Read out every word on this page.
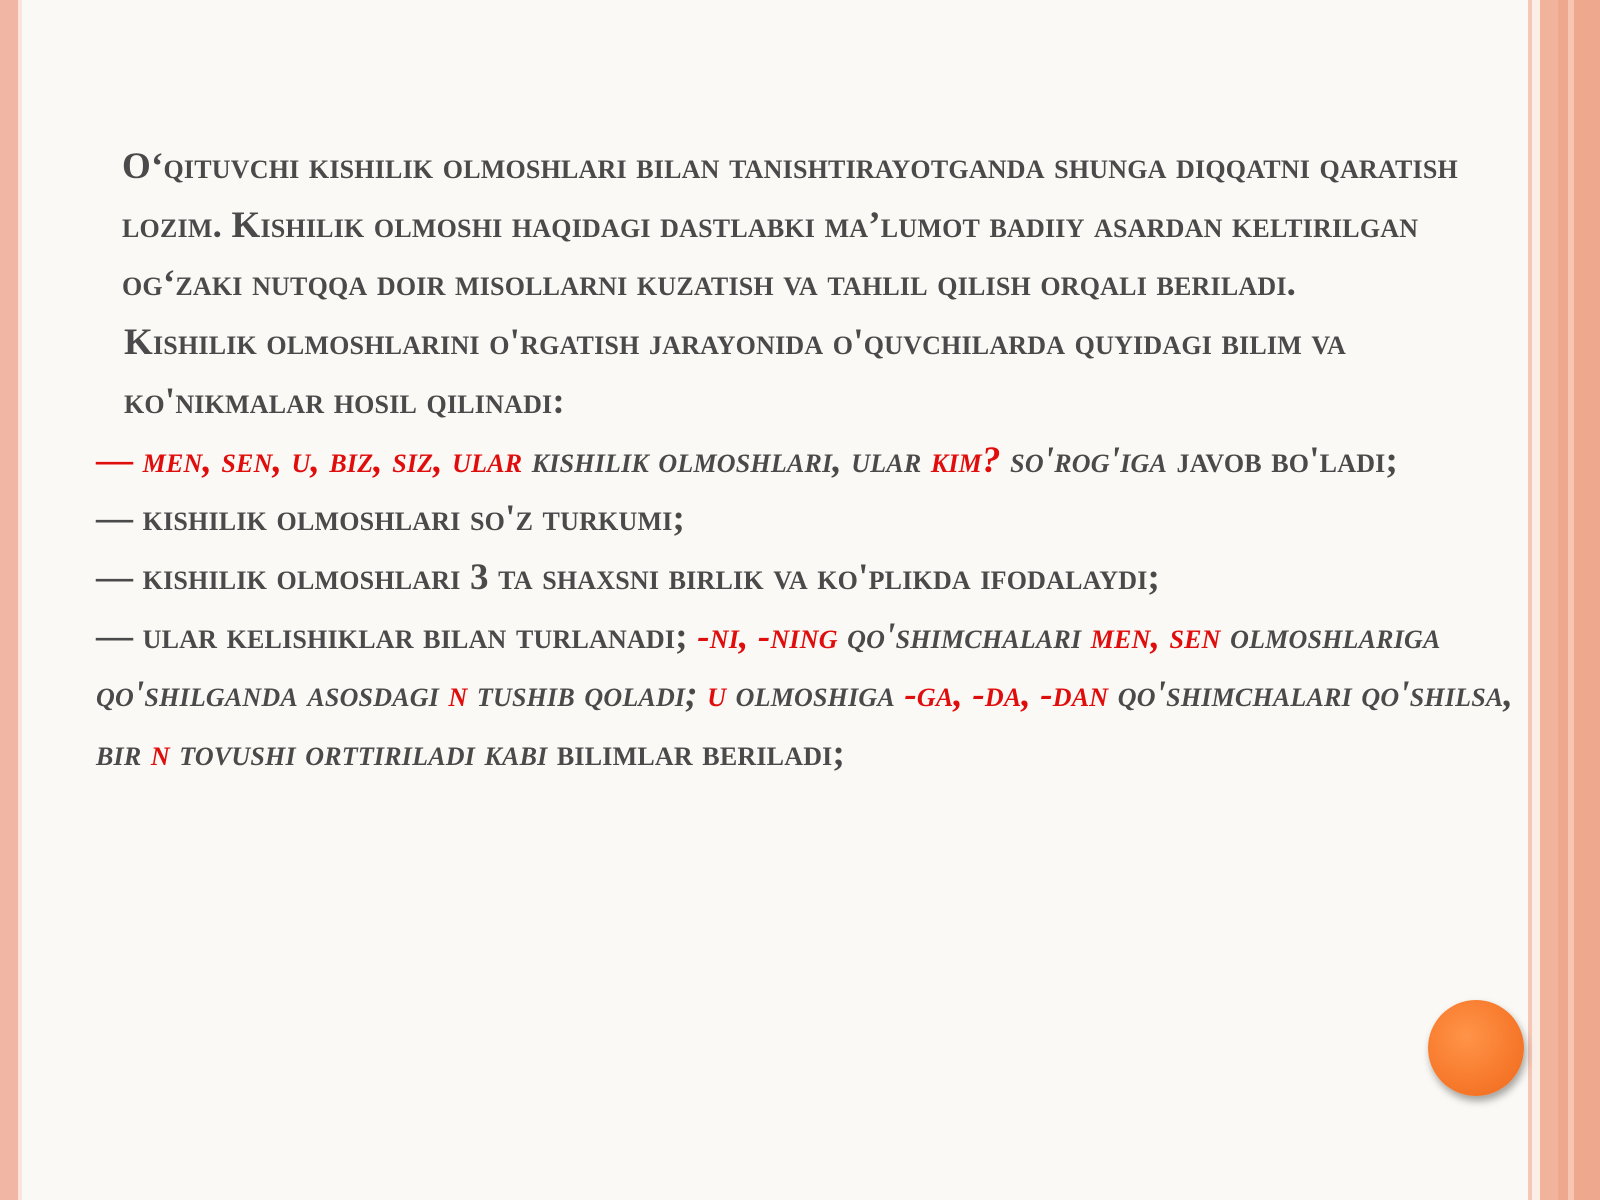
O‘qituvchi kishilik olmoshlari bilan tanishtirayotganda shunga diqqatni qaratish lozim. Kishilik olmoshi haqidagi dastlabki ma’lumot badiiy asardan keltirilgan og‘zaki nutqqa doir misollarni kuzatish va tahlil qilish orqali beriladi.

Kishilik olmoshlarini o'rgatish jarayonida o'quvchilarda quyidagi bilim va ko'nikmalar hosil qilinadi:

— men, sen, u, biz, siz, ular kishilik olmoshlari, ular kim? so'rog'iga javob bo'ladi;

— kishilik olmoshlari so'z turkumi;

— kishilik olmoshlari 3 ta shaxsni birlik va ko'plikda ifodalaydi;

— ular kelishiklar bilan turlanadi; -ni, -ning qo'shimchalari men, sen olmoshlariga qo'shilganda asosdagi n tushib qoladi; u olmoshiga -ga, -da, -dan qo'shimchalari qo'shilsa, bir n tovushi orttiriladi kabi bilimlar beriladi;
